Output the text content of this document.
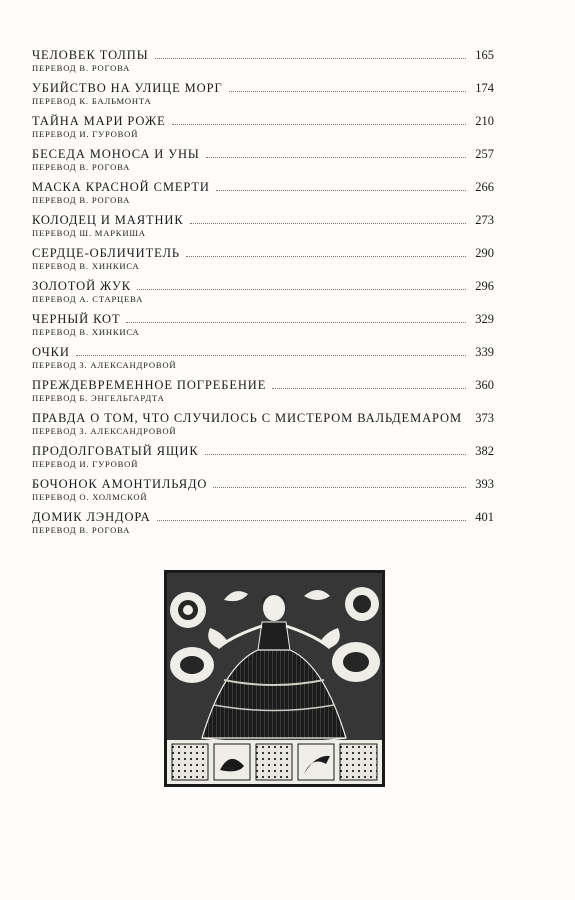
ЧЕЛОВЕК ТОЛПЫ	165
ПЕРЕВОД В. РОГОВА
УБИЙСТВО НА УЛИЦЕ МОРГ	174
ПЕРЕВОД К. БАЛЬМОНТА
ТАЙНА МАРИ РОЖЕ	210
ПЕРЕВОД И. ГУРОВОЙ
БЕСЕДА МОНОСА И УНЫ	257
ПЕРЕВОД В. РОГОВА
МАСКА КРАСНОЙ СМЕРТИ	266
ПЕРЕВОД В. РОГОВА
КОЛОДЕЦ И МАЯТНИК	273
ПЕРЕВОД Ш. МАРКИША
СЕРДЦЕ-ОБЛИЧИТЕЛЬ	290
ПЕРЕВОД В. ХИНКИСА
ЗОЛОТОЙ ЖУК	296
ПЕРЕВОД А. СТАРЦЕВА
ЧЕРНЫЙ КОТ	329
ПЕРЕВОД В. ХИНКИСА
ОЧКИ	339
ПЕРЕВОД З. АЛЕКСАНДРОВОЙ
ПРЕЖДЕВРЕМЕННОЕ ПОГРЕБЕНИЕ	360
ПЕРЕВОД Б. ЭНГЕЛЬГАРДТА
ПРАВДА О ТОМ, ЧТО СЛУЧИЛОСЬ С МИСТЕРОМ ВАЛЬДЕМАРОМ 373
ПЕРЕВОД З. АЛЕКСАНДРОВОЙ
ПРОДОЛГОВАТЫЙ ЯЩИК	382
ПЕРЕВОД И. ГУРОВОЙ
БОЧОНОК АМОНТИЛЬЯДО	393
ПЕРЕВОД О. ХОЛМСКОЙ
ДОМИК ЛЭНДОРА	401
ПЕРЕВОД В. РОГОВА
